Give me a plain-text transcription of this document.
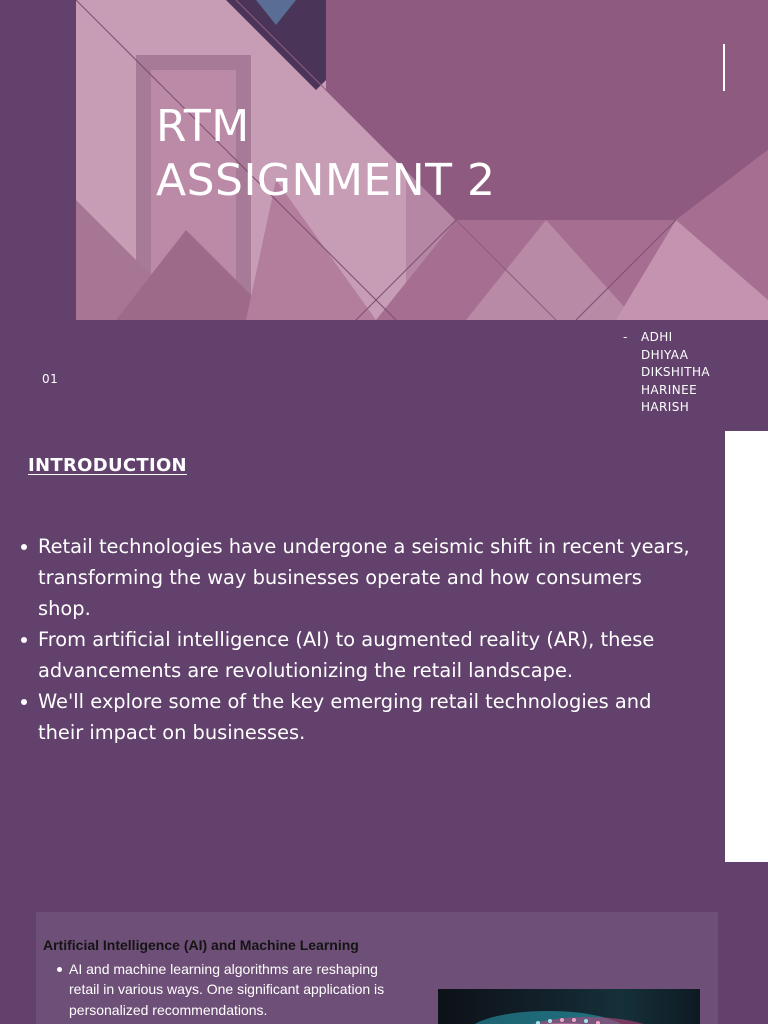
RTM
ASSIGNMENT 2
01
- ADHI
DHIYAA
DIKSHITHA
HARINEE
HARISH
INTRODUCTION
Retail technologies have undergone a seismic shift in recent years, transforming the way businesses operate and how consumers shop.
From artificial intelligence (AI) to augmented reality (AR), these advancements are revolutionizing the retail landscape.
We'll explore some of the key emerging retail technologies and their impact on businesses.
Artificial Intelligence (AI) and Machine Learning
AI and machine learning algorithms are reshaping retail in various ways. One significant application is personalized recommendations.
